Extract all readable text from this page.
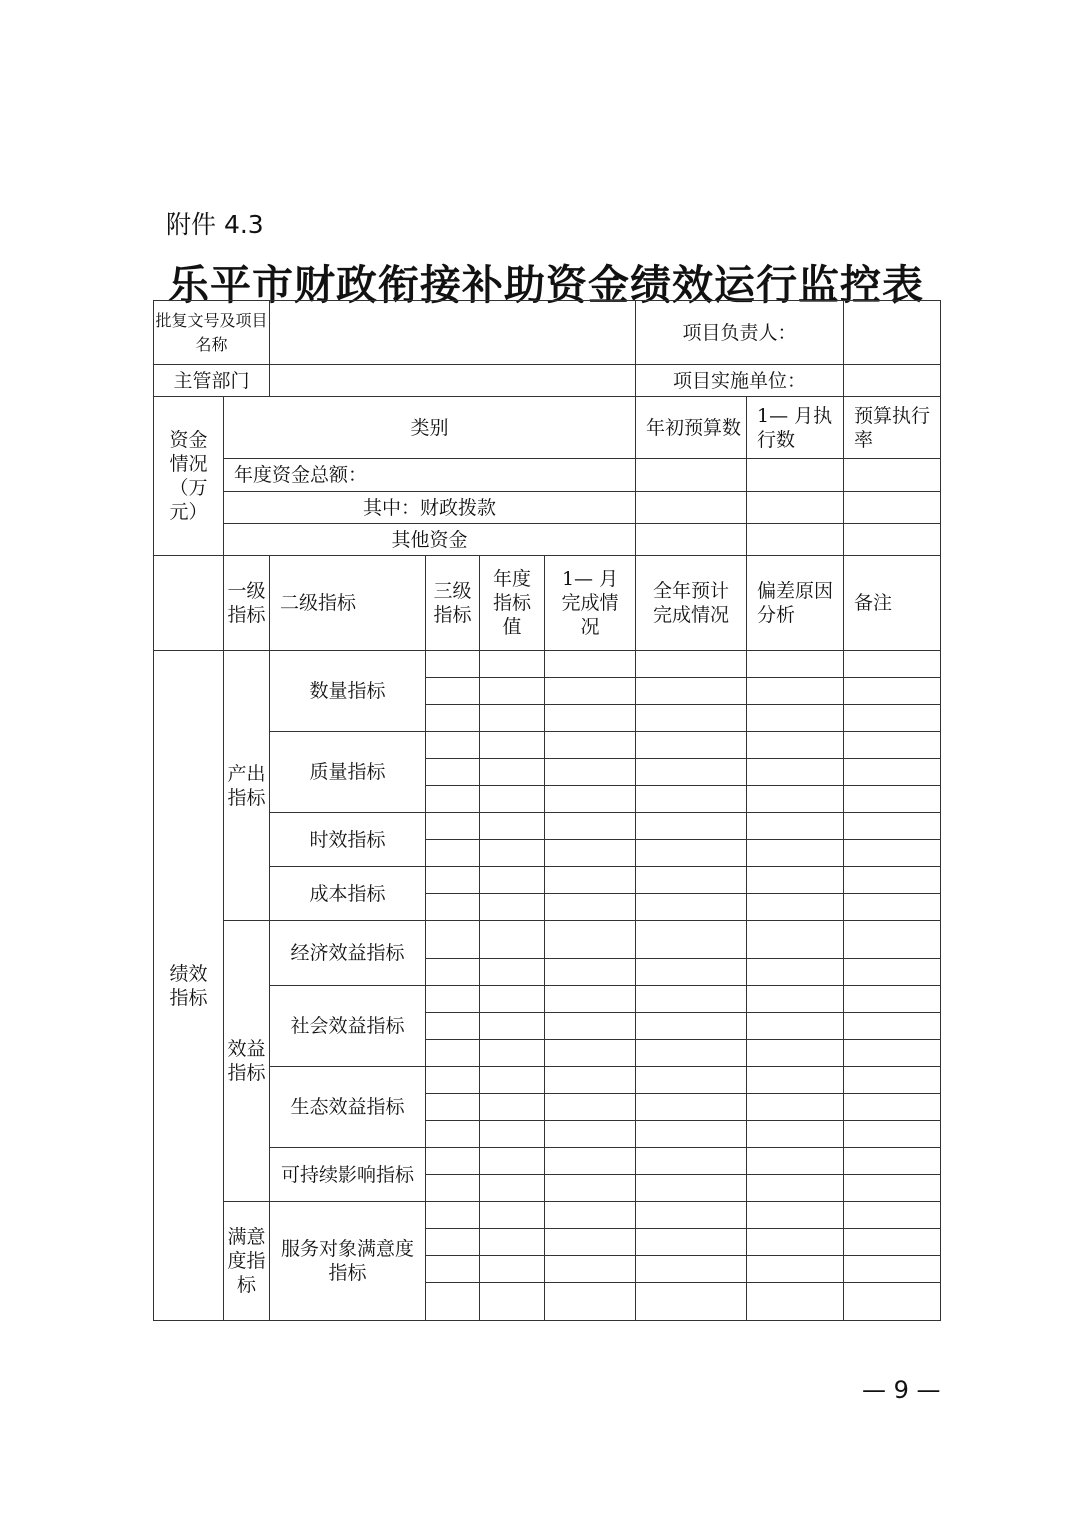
附件 4.3
乐平市财政衔接补助资金绩效运行监控表
批复文号及项目名称						项目负责人：		
主管部门						项目实施单位：		
资金情况（万元）	类别					年初预算数	1— 月执行数	预算执行率
	年度资金总额：							
	其中：财政拨款							
	其他资金							
	一级指标	二级指标	三级指标	年度指标值	1— 月完成情况	全年预计完成情况	偏差原因分析	备注
绩效指标	产出指标	数量指标						

		质量指标						

		时效指标						

		成本指标						

	效益指标	经济效益指标						

		社会效益指标						

		生态效益指标						

		可持续影响指标						

	满意度指标	服务对象满意度指标						

— 9 —
